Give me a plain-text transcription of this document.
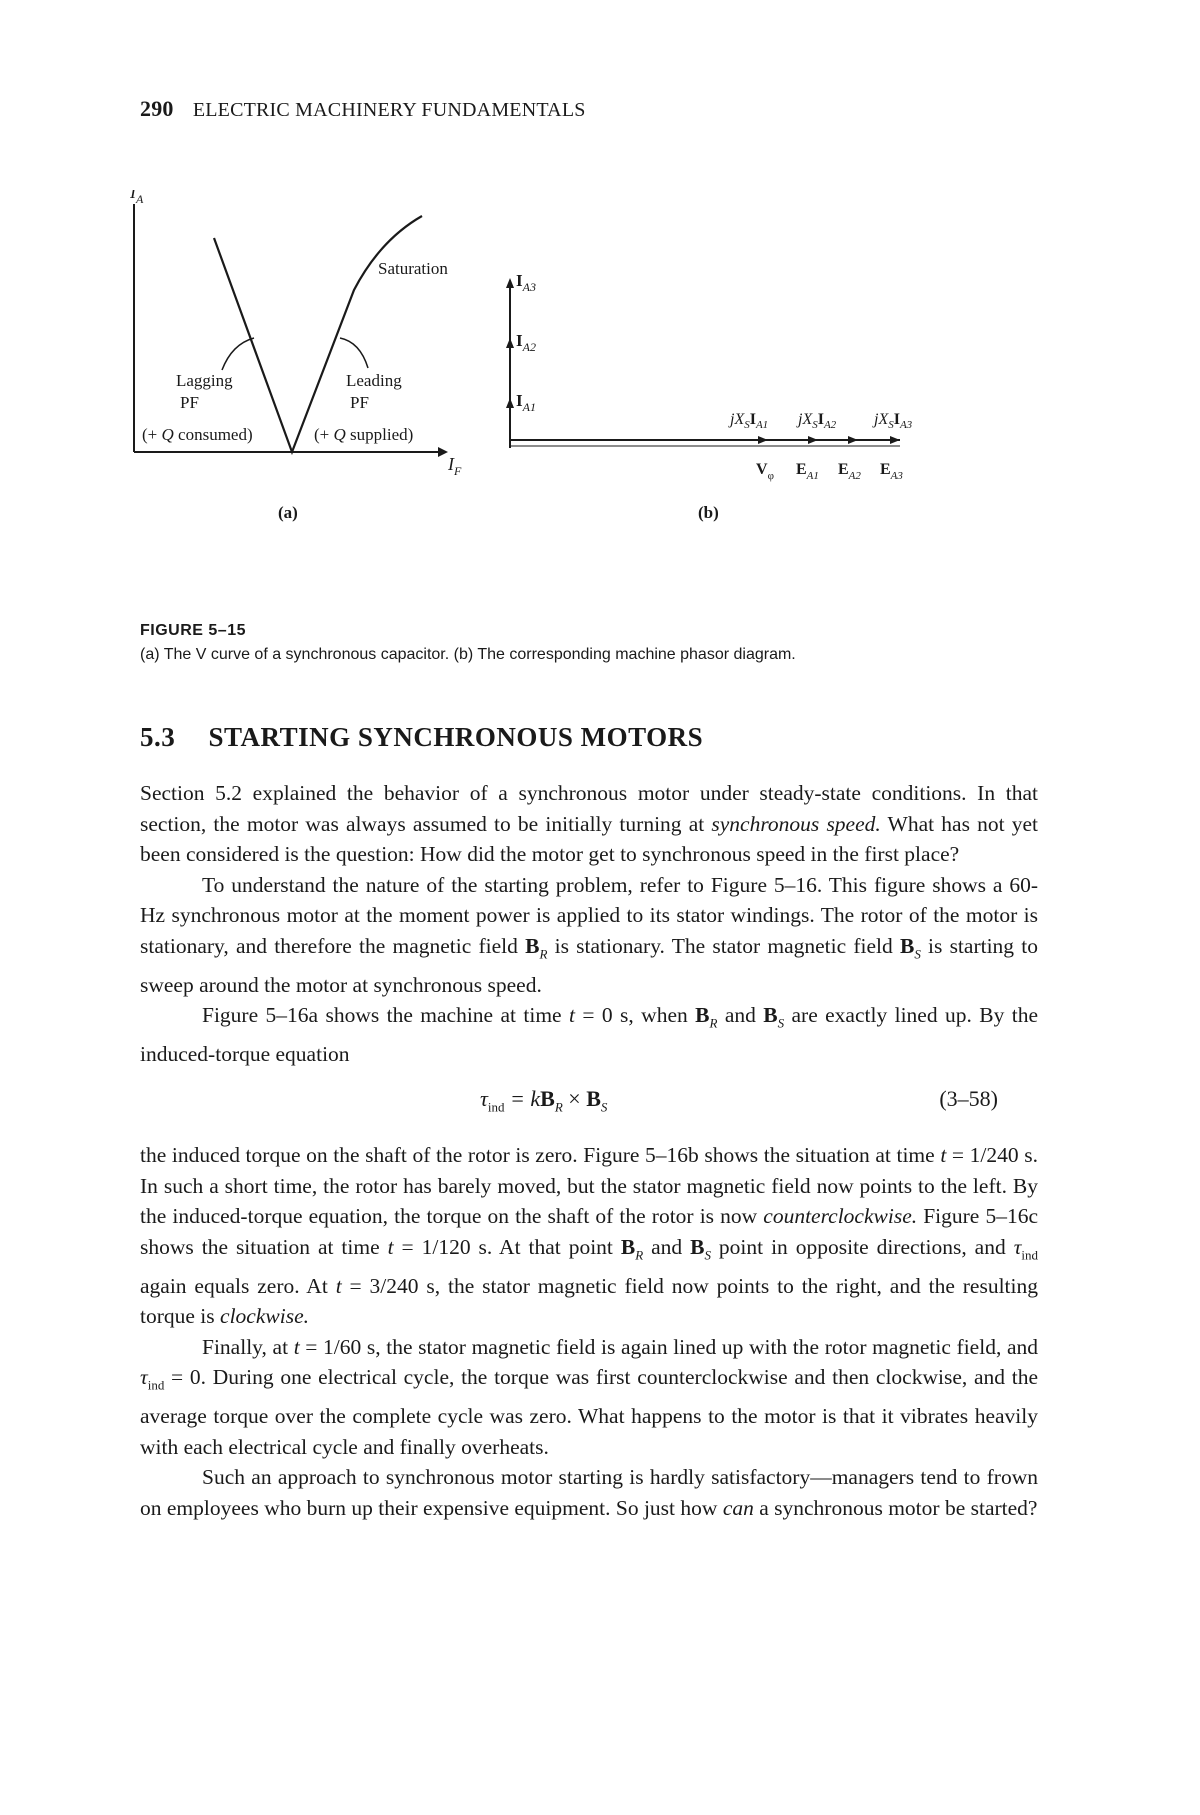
290 ELECTRIC MACHINERY FUNDAMENTALS
$I_A$
$I_F$
Saturation
Lagging
PF
(+ Q consumed)
Leading
PF
(+ Q supplied)
(a)
$I_{A3}$
$I_{A2}$
$I_{A1}$
$jX_SI_{A1}$ $jX_SI_{A2}$ $jX_SI_{A3}$
$V_\varphi$ $E_{A1}$ $E_{A2}$ $E_{A3}$
(b)
FIGURE 5–15
(a) The V curve of a synchronous capacitor. (b) The corresponding machine phasor diagram.
5.3 STARTING SYNCHRONOUS MOTORS

Section 5.2 explained the behavior of a synchronous motor under steady-state conditions. In that section, the motor was always assumed to be initially turning at synchronous speed. What has not yet been considered is the question: How did the motor get to synchronous speed in the first place?

To understand the nature of the starting problem, refer to Figure 5–16. This figure shows a 60-Hz synchronous motor at the moment power is applied to its stator windings. The rotor of the motor is stationary, and therefore the magnetic field $B_R$ is stationary. The stator magnetic field $B_S$ is starting to sweep around the motor at synchronous speed.

Figure 5–16a shows the machine at time t = 0 s, when $B_R$ and $B_S$ are exactly lined up. By the induced-torque equation

$\tau_{ind} = kB_R \times B_S$	(3–58)

the induced torque on the shaft of the rotor is zero. Figure 5–16b shows the situation at time t = 1/240 s. In such a short time, the rotor has barely moved, but the stator magnetic field now points to the left. By the induced-torque equation, the torque on the shaft of the rotor is now counterclockwise. Figure 5–16c shows the situation at time t = 1/120 s. At that point $B_R$ and $B_S$ point in opposite directions, and $\tau_{ind}$ again equals zero. At t = 3/240 s, the stator magnetic field now points to the right, and the resulting torque is clockwise.

Finally, at t = 1/60 s, the stator magnetic field is again lined up with the rotor magnetic field, and $\tau_{ind} = 0$. During one electrical cycle, the torque was first counterclockwise and then clockwise, and the average torque over the complete cycle was zero. What happens to the motor is that it vibrates heavily with each electrical cycle and finally overheats.

Such an approach to synchronous motor starting is hardly satisfactory—managers tend to frown on employees who burn up their expensive equipment. So just how can a synchronous motor be started?
